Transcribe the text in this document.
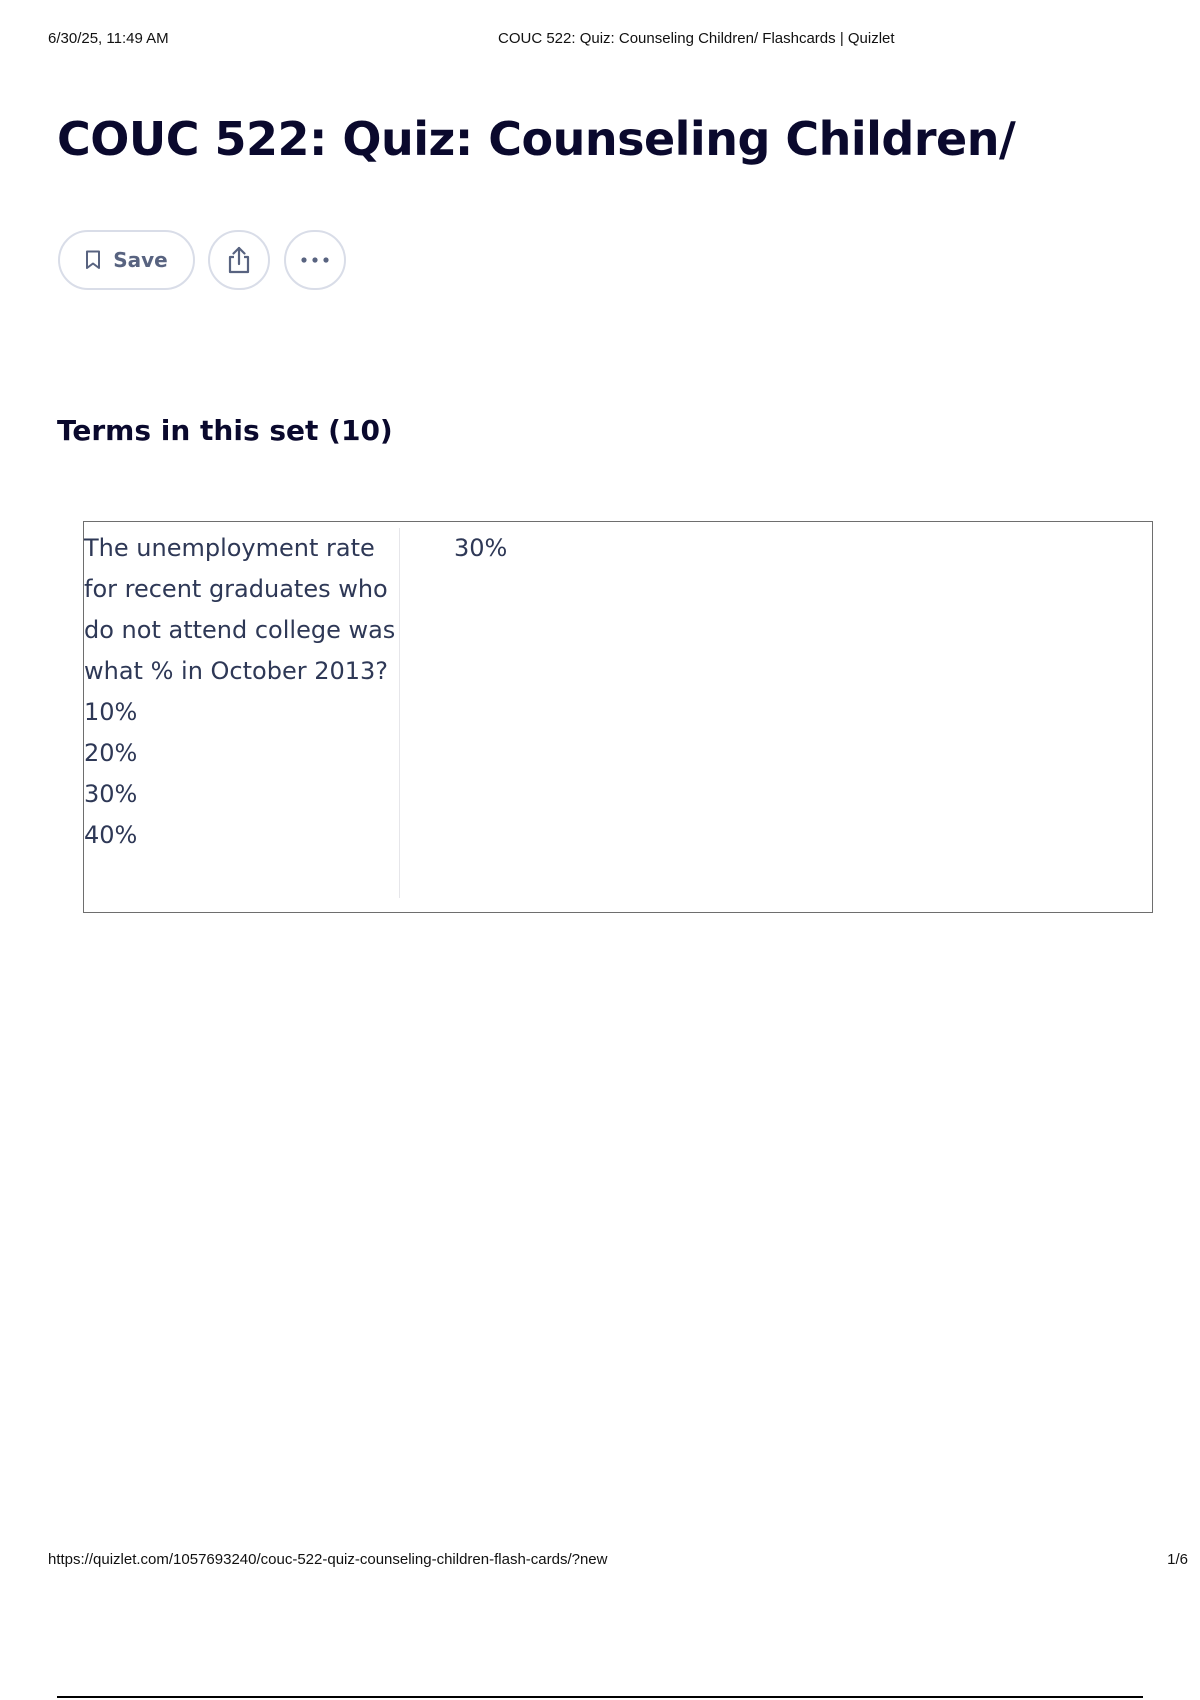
6/30/25, 11:49 AM	COUC 522: Quiz: Counseling Children/ Flashcards | Quizlet
COUC 522: Quiz: Counseling Children/
Save
Terms in this set (10)
The unemployment rate for recent graduates who do not attend college was what % in October 2013?
10%
20%
30%
40%
30%
https://quizlet.com/1057693240/couc-522-quiz-counseling-children-flash-cards/?new	1/6
